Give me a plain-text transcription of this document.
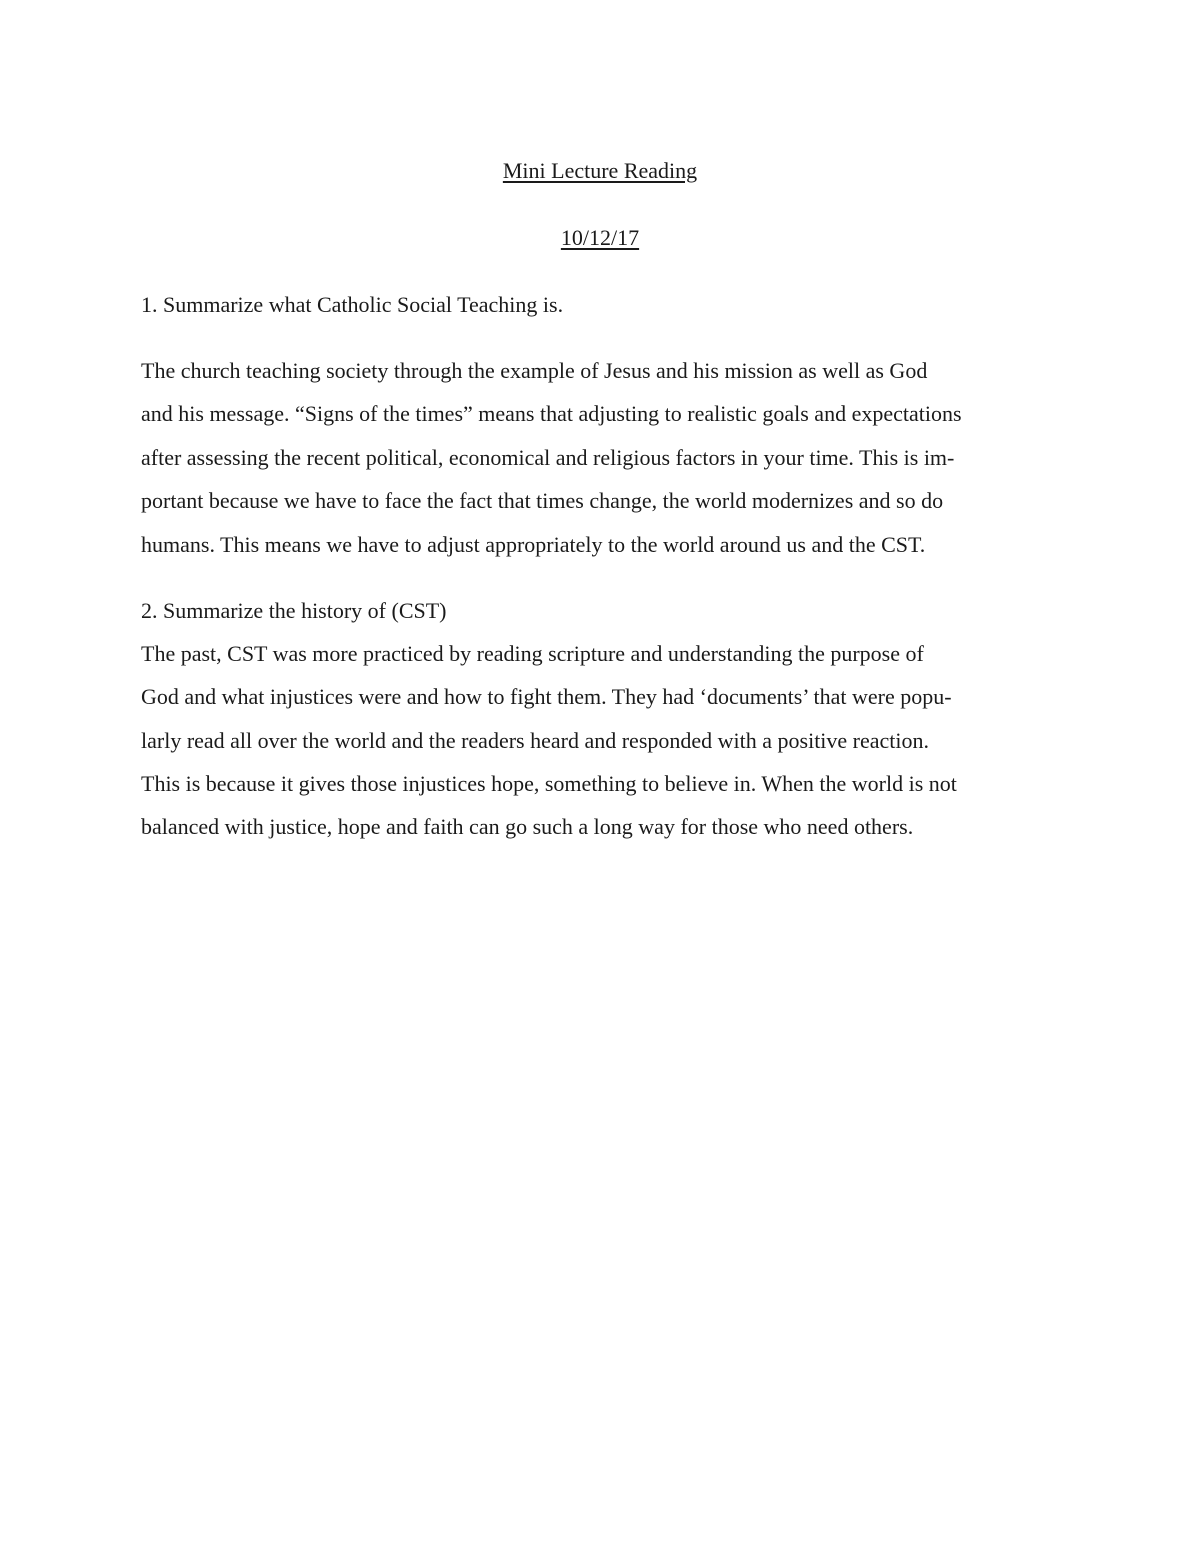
Mini Lecture Reading
10/12/17
1. Summarize what Catholic Social Teaching is.
The church teaching society through the example of Jesus and his mission as well as God
and his message. “Signs of the times” means that adjusting to realistic goals and expectations
after assessing the recent political, economical and religious factors in your time. This is im-
portant because we have to face the fact that times change, the world modernizes and so do
humans. This means we have to adjust appropriately to the world around us and the CST.
2. Summarize the history of (CST)
The past, CST was more practiced by reading scripture and understanding the purpose of
God and what injustices were and how to fight them. They had ‘documents’ that were popu-
larly read all over the world and the readers heard and responded with a positive reaction.
This is because it gives those injustices hope, something to believe in. When the world is not
balanced with justice, hope and faith can go such a long way for those who need others.
